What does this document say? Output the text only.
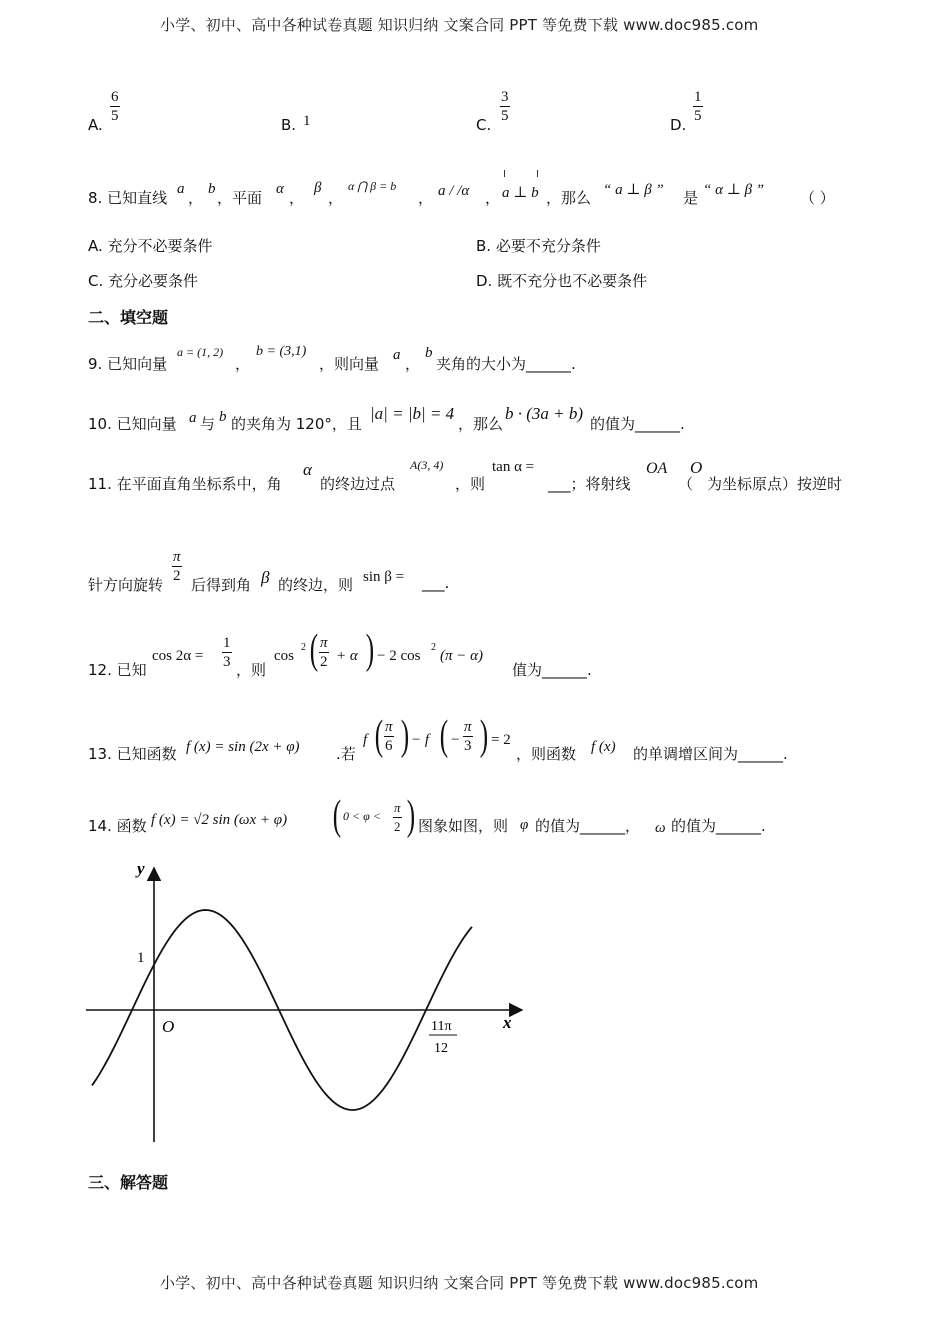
小学、初中、高中各种试卷真题 知识归纳 文案合同 PPT 等免费下载 www.doc985.com
小学、初中、高中各种试卷真题 知识归纳 文案合同 PPT 等免费下载 www.doc985.com
A. $\frac{6}{5}$	B. 1	C. $\frac{3}{5}$	D. $\frac{1}{5}$
8. 已知直线 a ， b ，平面 α ，
β
，
α ⋂ β = b
， a / /α ， a ⊥ b ，那么 “ a ⊥ β ” 是 “ α ⊥ β ” （ ）
A. 充分不必要条件	B. 必要不充分条件
C. 充分必要条件	D. 既不充分也不必要条件
二、填空题
9. 已知向量
a = (1, 2)
，
b = (3,1)
，则向量 a ，
b
夹角的大小为______.
10. 已知向量 a 与 b 的夹角为 120°，且
|a| = |b| = 4
，那么
b · (3a + b)
的值为______.
11. 在平面直角坐标系中，角
α
的终边过点
A(3, 4)
，则
tan α =
___；将射线
OA
（
O
为坐标原点）按逆时
针方向旋转 $\frac{\pi}{2}$ 后得到角 β 的终边，则 sin β = ___.
12. 已知
$\cos 2\alpha = \frac{1}{3}$ ，则
cos
2 ( $\frac{\pi}{2} + \alpha$ ) − 2 cos
2
(π − α)
值为______.
13. 已知函数 f (x) = sin (2x + φ) .若
f ( $\frac{\pi}{6}$ ) − f ( − $\frac{\pi}{3}$ ) = 2
，则函数 f (x) 的单调增区间为______.
14. 函数 f (x) = √2 sin (ωx + φ) ( $0 < \varphi < \frac{\pi}{2}$ ) 图象如图，则 φ 的值为______， ω 的值为______.
y
x
O
1
11π
12
三、解答题
